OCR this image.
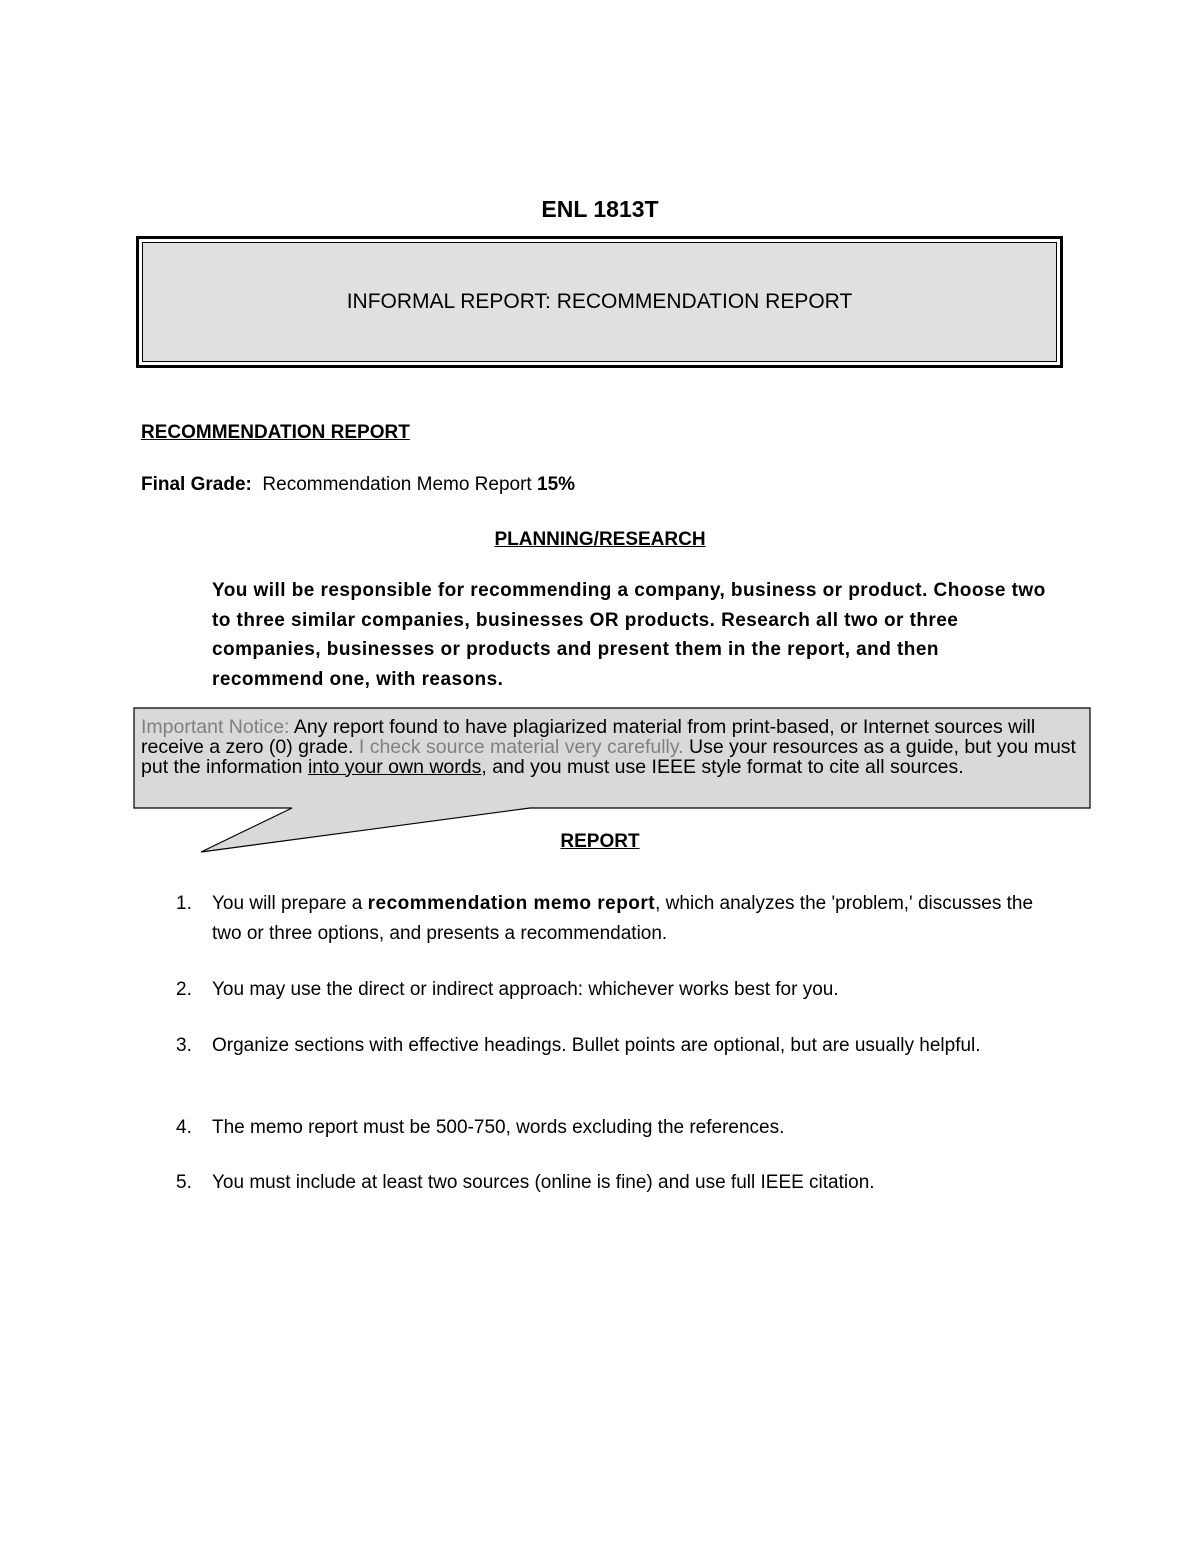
ENL 1813T
INFORMAL REPORT: RECOMMENDATION REPORT
RECOMMENDATION REPORT
Final Grade: Recommendation Memo Report 15%
PLANNING/RESEARCH
You will be responsible for recommending a company, business or product. Choose two to three similar companies, businesses OR products. Research all two or three companies, businesses or products and present them in the report, and then recommend one, with reasons.
Important Notice: Any report found to have plagiarized material from print-based, or Internet sources will receive a zero (0) grade. I check source material very carefully. Use your resources as a guide, but you must put the information into your own words, and you must use IEEE style format to cite all sources.
REPORT
1.	You will prepare a recommendation memo report, which analyzes the 'problem,' discusses the two or three options, and presents a recommendation.
2.	You may use the direct or indirect approach: whichever works best for you.
3.	Organize sections with effective headings. Bullet points are optional, but are usually helpful.
4.	The memo report must be 500-750, words excluding the references.
5.	You must include at least two sources (online is fine) and use full IEEE citation.
